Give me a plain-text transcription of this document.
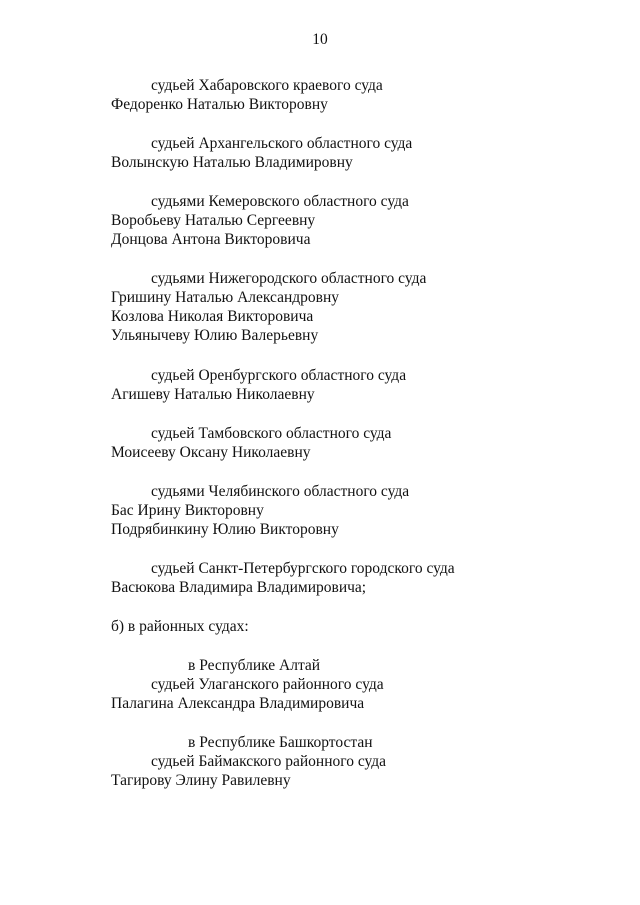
10
судьей Хабаровского краевого суда
Федоренко Наталью Викторовну
судьей Архангельского областного суда
Волынскую Наталью Владимировну
судьями Кемеровского областного суда
Воробьеву Наталью Сергеевну
Донцова Антона Викторовича
судьями Нижегородского областного суда
Гришину Наталью Александровну
Козлова Николая Викторовича
Ульянычеву Юлию Валерьевну
судьей Оренбургского областного суда
Агишеву Наталью Николаевну
судьей Тамбовского областного суда
Моисееву Оксану Николаевну
судьями Челябинского областного суда
Бас Ирину Викторовну
Подрябинкину Юлию Викторовну
судьей Санкт-Петербургского городского суда
Васюкова Владимира Владимировича;
б) в районных судах:
в Республике Алтай
судьей Улаганского районного суда
Палагина Александра Владимировича
в Республике Башкортостан
судьей Баймакского районного суда
Тагирову Элину Равилевну
